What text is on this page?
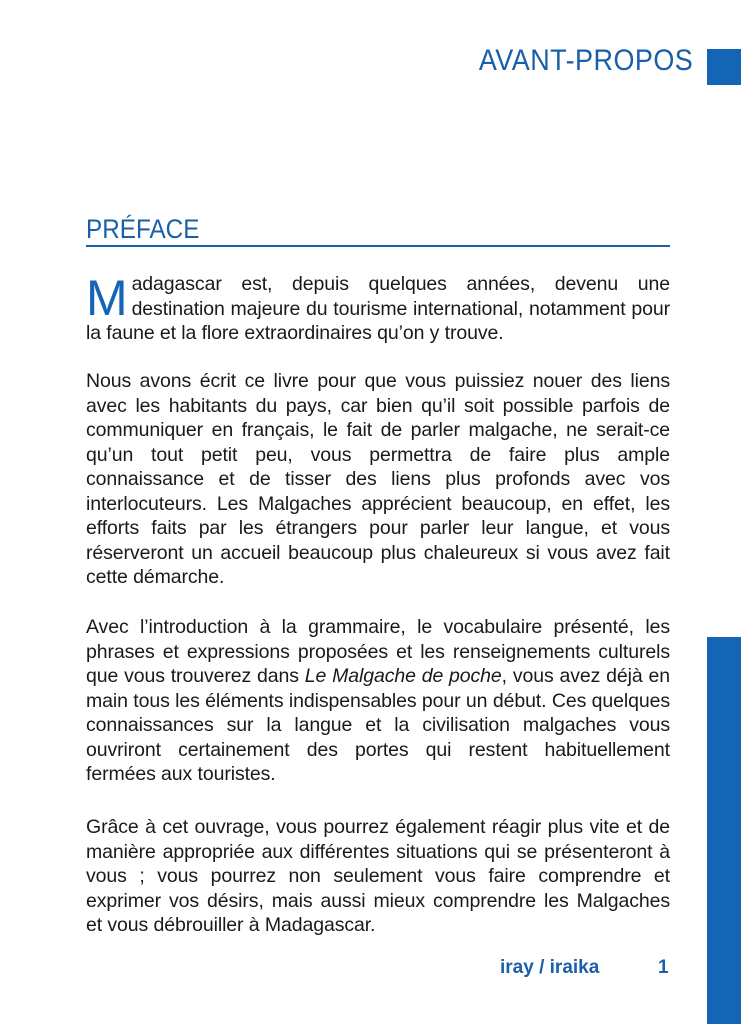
AVANT-PROPOS
PRÉFACE
Madagascar est, depuis quelques années, devenu une destination majeure du tourisme international, notamment pour la faune et la flore extraordinaires qu’on y trouve.
Nous avons écrit ce livre pour que vous puissiez nouer des liens avec les habitants du pays, car bien qu’il soit possible parfois de communiquer en français, le fait de parler malgache, ne serait-ce qu’un tout petit peu, vous permettra de faire plus ample connaissance et de tisser des liens plus profonds avec vos interlocuteurs. Les Malgaches apprécient beaucoup, en effet, les efforts faits par les étrangers pour parler leur langue, et vous réserveront un accueil beaucoup plus chaleureux si vous avez fait cette démarche.
Avec l’introduction à la grammaire, le vocabulaire présenté, les phrases et expressions proposées et les renseignements culturels que vous trouverez dans Le Malgache de poche, vous avez déjà en main tous les éléments indispensables pour un début. Ces quelques connaissances sur la langue et la civilisation malgaches vous ouvriront certainement des portes qui restent habituellement fermées aux touristes.
Grâce à cet ouvrage, vous pourrez également réagir plus vite et de manière appropriée aux différentes situations qui se présenteront à vous ; vous pourrez non seulement vous faire comprendre et exprimer vos désirs, mais aussi mieux comprendre les Malgaches et vous débrouiller à Madagascar.
iray / iraika	1
